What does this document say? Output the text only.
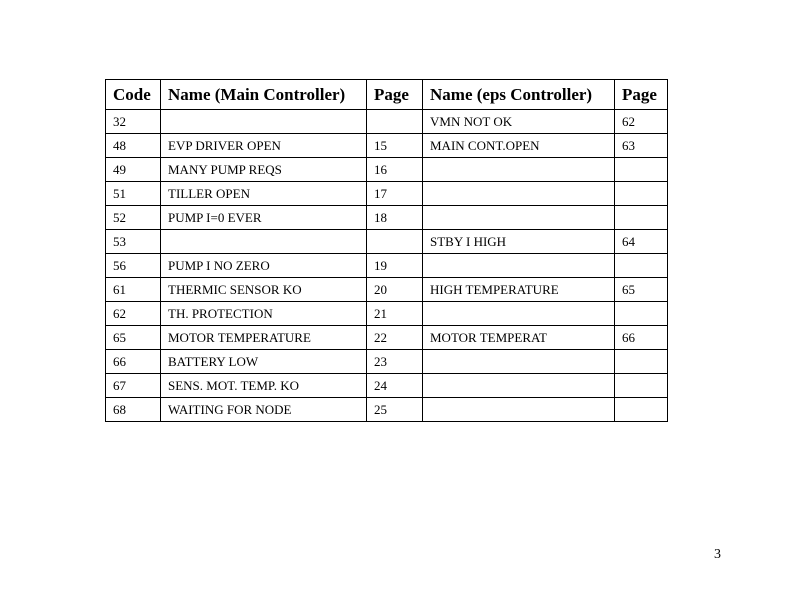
Code	Name (Main Controller)	Page	Name (eps Controller)	Page
32			VMN NOT OK	62
48	EVP DRIVER OPEN	15	MAIN CONT.OPEN	63
49	MANY PUMP REQS	16		
51	TILLER OPEN	17		
52	PUMP I=0 EVER	18		
53			STBY I HIGH	64
56	PUMP I NO ZERO	19		
61	THERMIC SENSOR KO	20	HIGH TEMPERATURE	65
62	TH. PROTECTION	21		
65	MOTOR TEMPERATURE	22	MOTOR TEMPERAT	66
66	BATTERY LOW	23		
67	SENS. MOT. TEMP. KO	24		
68	WAITING FOR NODE	25		
3
